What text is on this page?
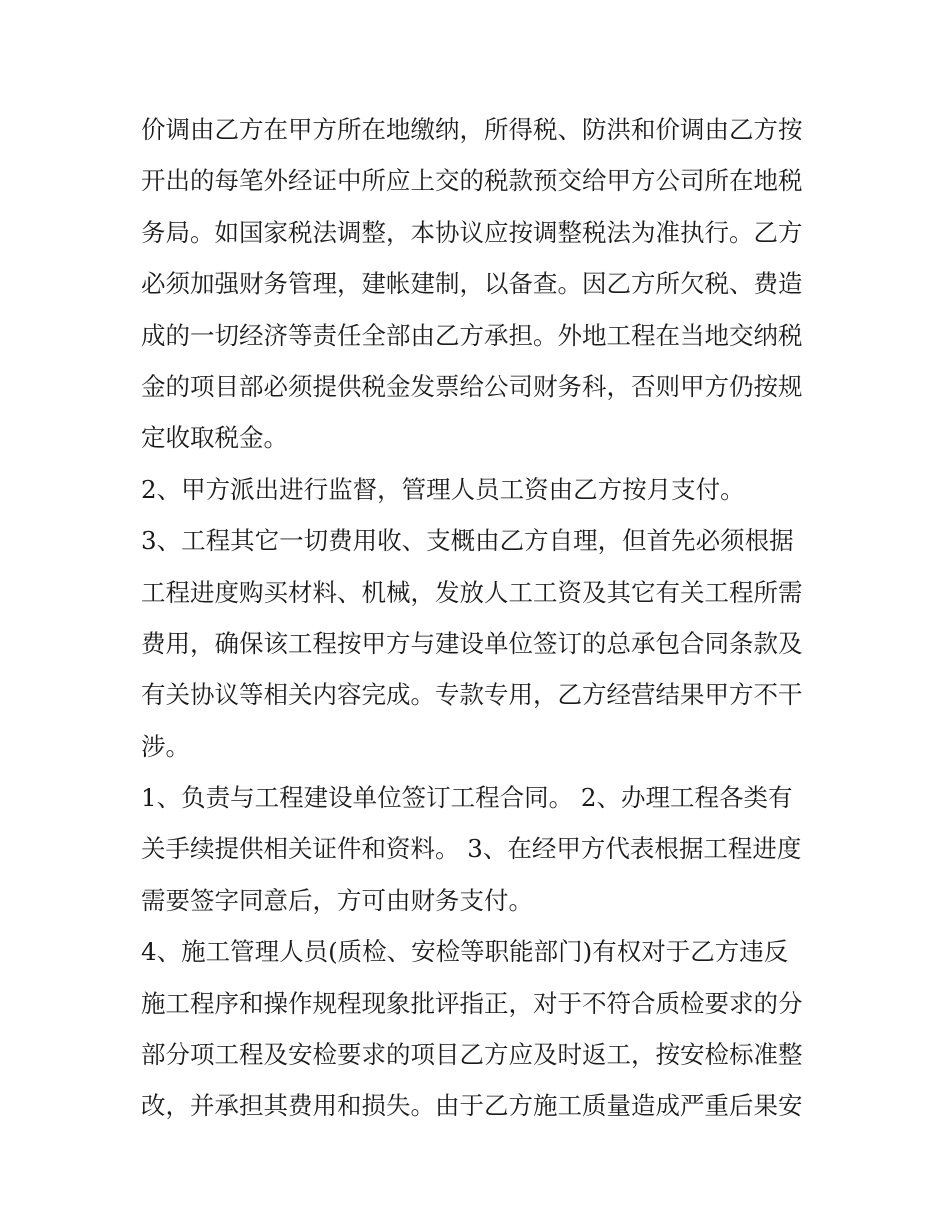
价调由乙方在甲方所在地缴纳，所得税、防洪和价调由乙方按
开出的每笔外经证中所应上交的税款预交给甲方公司所在地税
务局。如国家税法调整，本协议应按调整税法为准执行。乙方
必须加强财务管理，建帐建制，以备查。因乙方所欠税、费造
成的一切经济等责任全部由乙方承担。外地工程在当地交纳税
金的项目部必须提供税金发票给公司财务科，否则甲方仍按规
定收取税金。
2、甲方派出进行监督，管理人员工资由乙方按月支付。
3、工程其它一切费用收、支概由乙方自理，但首先必须根据
工程进度购买材料、机械，发放人工工资及其它有关工程所需
费用，确保该工程按甲方与建设单位签订的总承包合同条款及
有关协议等相关内容完成。专款专用，乙方经营结果甲方不干
涉。
1、负责与工程建设单位签订工程合同。 2、办理工程各类有
关手续提供相关证件和资料。 3、在经甲方代表根据工程进度
需要签字同意后，方可由财务支付。
4、施工管理人员(质检、安检等职能部门)有权对于乙方违反
施工程序和操作规程现象批评指正，对于不符合质检要求的分
部分项工程及安检要求的项目乙方应及时返工，按安检标准整
改，并承担其费用和损失。由于乙方施工质量造成严重后果安
